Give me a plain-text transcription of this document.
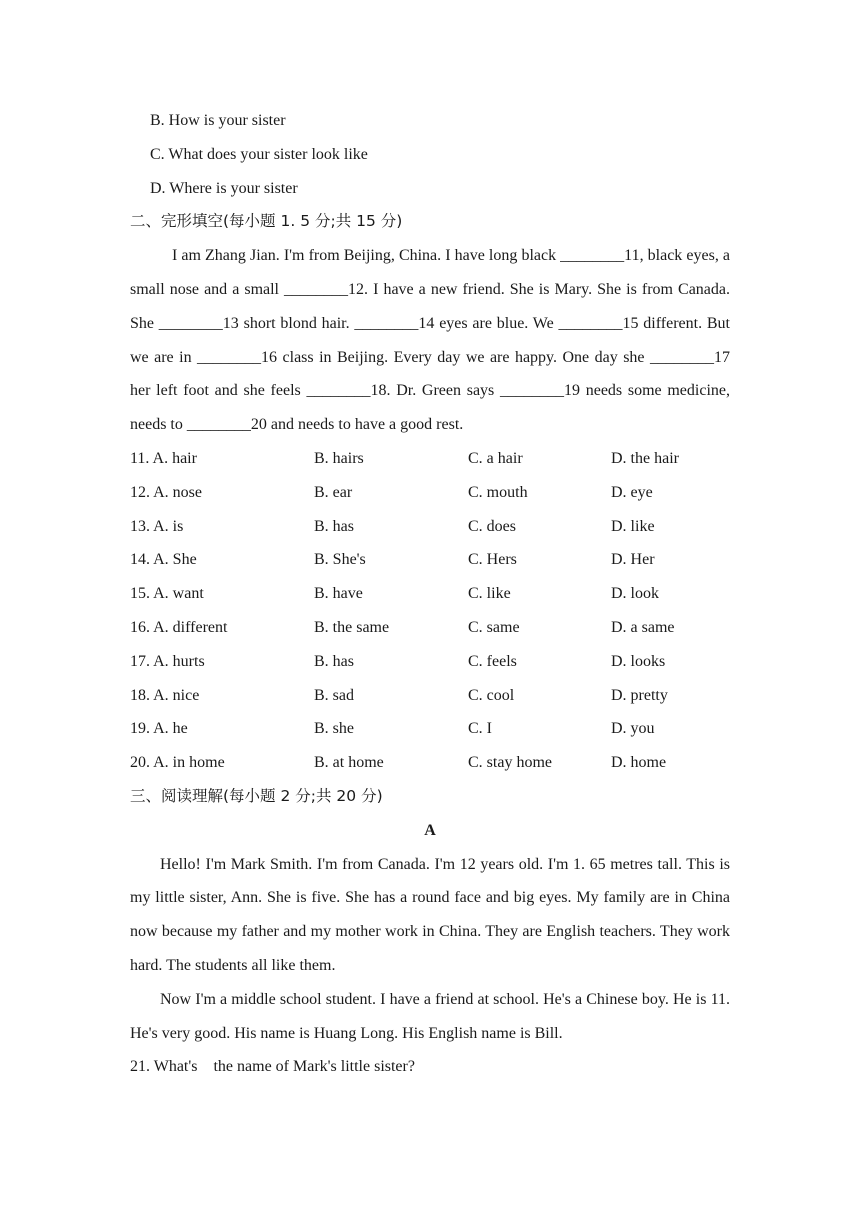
B. How is your sister
C. What does your sister look like
D. Where is your sister
二、完形填空(每小题 1. 5 分;共 15 分)

I am Zhang Jian. I'm from Beijing, China. I have long black ________11, black eyes, a small nose and a small ________12. I have a new friend. She is Mary. She is from Canada. She ________13 short blond hair. ________14 eyes are blue. We ________15 different. But we are in ________16 class in Beijing. Every day we are happy. One day she ________17 her left foot and she feels ________18. Dr. Green says ________19 needs some medicine, needs to ________20 and needs to have a good rest.

11. A. hair	B. hairs	C. a hair	D. the hair
12. A. nose	B. ear	C. mouth	D. eye
13. A. is	B. has	C. does	D. like
14. A. She	B. She's	C. Hers	D. Her
15. A. want	B. have	C. like	D. look
16. A. different	B. the same	C. same	D. a same
17. A. hurts	B. has	C. feels	D. looks
18. A. nice	B. sad	C. cool	D. pretty
19. A. he	B. she	C. I	D. you
20. A. in home	B. at home	C. stay home	D. home
三、阅读理解(每小题 2 分;共 20 分)
A

Hello! I'm Mark Smith. I'm from Canada. I'm 12 years old. I'm 1. 65 metres tall. This is my little sister, Ann. She is five. She has a round face and big eyes. My family are in China now because my father and my mother work in China. They are English teachers. They work hard. The students all like them.

Now I'm a middle school student. I have a friend at school. He's a Chinese boy. He is 11. He's very good. His name is Huang Long. His English name is Bill.

21. What's    the name of Mark's little sister?
